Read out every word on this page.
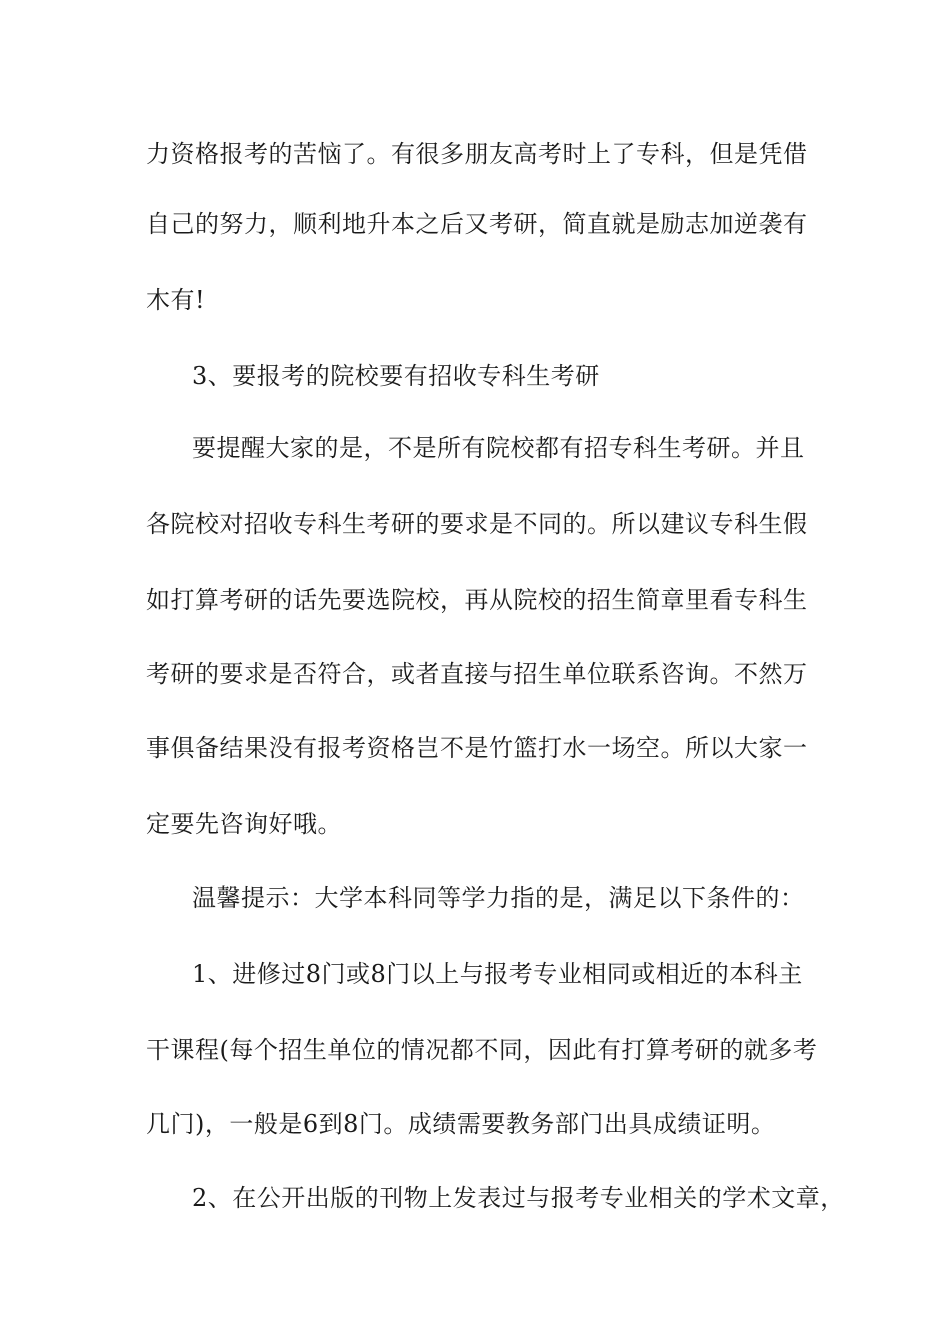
力资格报考的苦恼了。有很多朋友高考时上了专科，但是凭借
自己的努力，顺利地升本之后又考研，简直就是励志加逆袭有
木有!
3、要报考的院校要有招收专科生考研
要提醒大家的是，不是所有院校都有招专科生考研。并且
各院校对招收专科生考研的要求是不同的。所以建议专科生假
如打算考研的话先要选院校，再从院校的招生简章里看专科生
考研的要求是否符合，或者直接与招生单位联系咨询。不然万
事俱备结果没有报考资格岂不是竹篮打水一场空。所以大家一
定要先咨询好哦。
温馨提示：大学本科同等学力指的是，满足以下条件的：
1、进修过8门或8门以上与报考专业相同或相近的本科主
干课程(每个招生单位的情况都不同，因此有打算考研的就多考
几门)，一般是6到8门。成绩需要教务部门出具成绩证明。
2、在公开出版的刊物上发表过与报考专业相关的学术文章，
